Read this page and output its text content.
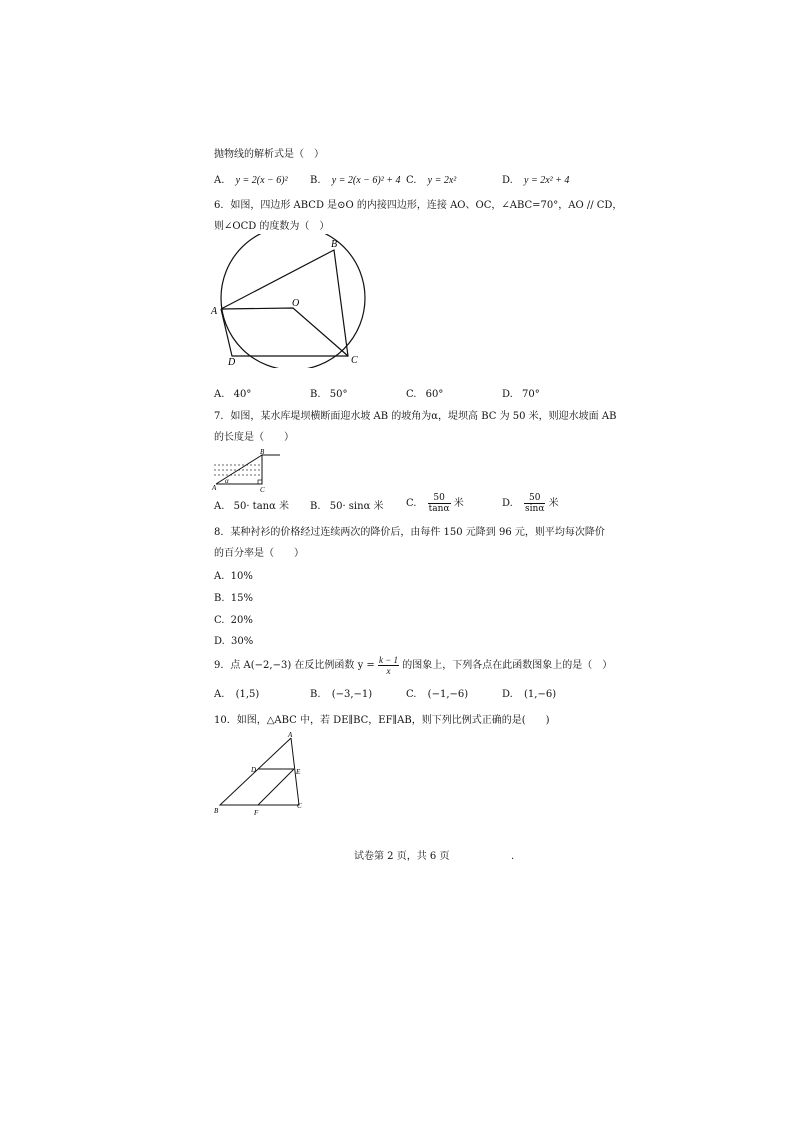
抛物线的解析式是（　）
A. y = 2(x − 6)² B. y = 2(x − 6)² + 4 C. y = 2x²	D. y = 2x² + 4
6．如图，四边形 ABCD 是⊙O 的内接四边形，连接 AO、OC，∠ABC=70°，AO // CD，
则∠OCD 的度数为（　）
B
O
A
D	C
A. 40°	B. 50°	C. 60°	D. 70°
7．如图，某水库堤坝横断面迎水坡 AB 的坡角为α，堤坝高 BC 为 50 米，则迎水坡面 AB
的长度是（　　）
B
A	C
α
A. 50· tanα 米 B. 50· sinα 米 C. $\frac{50}{\tan\alpha}$ 米	D. $\frac{50}{\sin\alpha}$ 米
8．某种衬衫的价格经过连续两次的降价后，由每件 150 元降到 96 元，则平均每次降价
的百分率是（　　）
A. 10%
B. 15%
C. 20%
D. 30%
9．点 A(−2,−3) 在反比例函数 $y = \frac{k - 1}{x}$ 的图象上，下列各点在此函数图象上的是（　）
A. (1,5)	B. (−3,−1)	C. (−1,−6)	D. (1,−6)
10．如图，△ABC 中，若 DE∥BC，EF∥AB，则下列比例式正确的是(　　)
A
D	E
B	F
C
试卷第 2 页，共 6 页	.
